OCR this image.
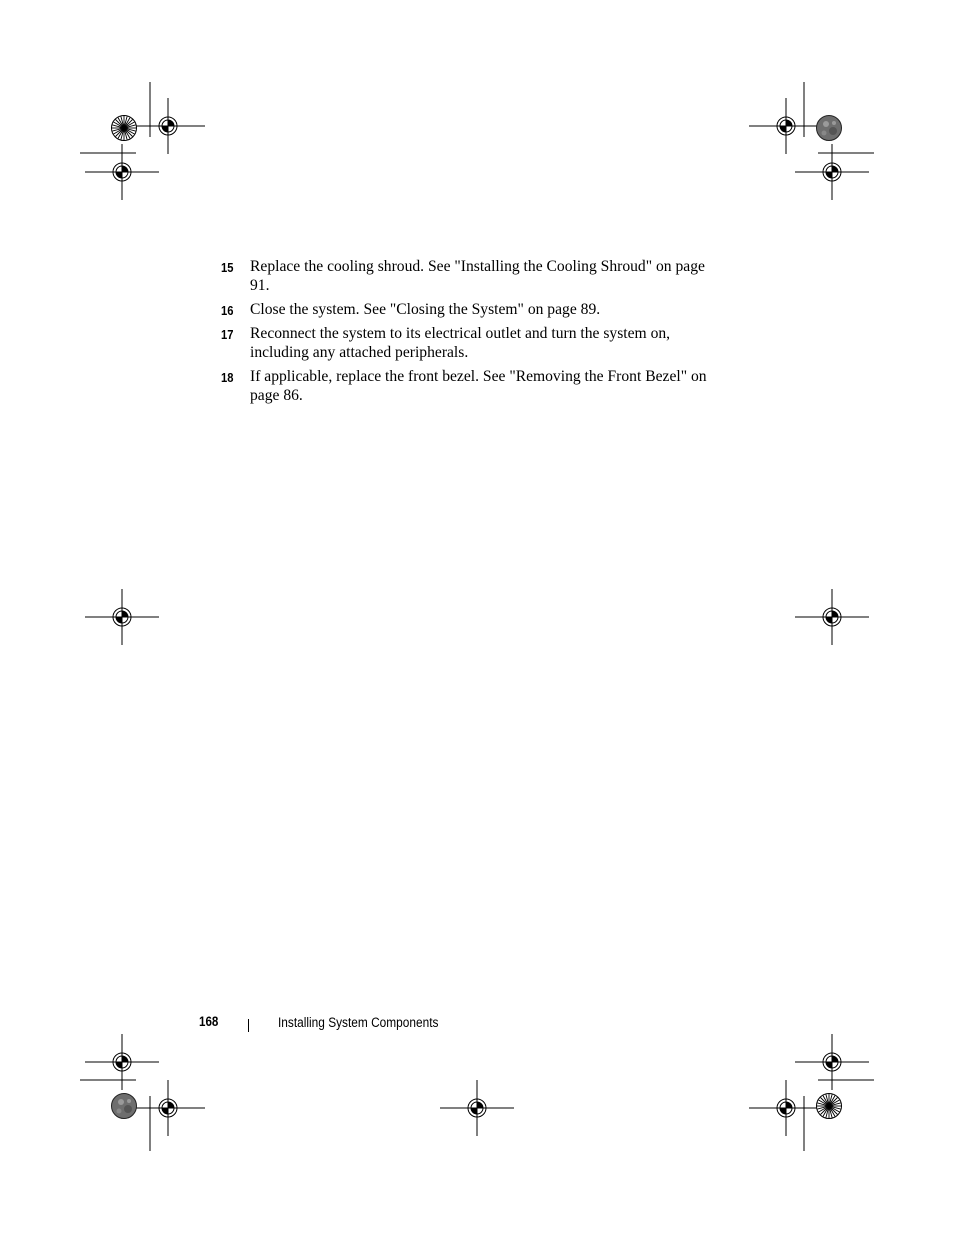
15 Replace the cooling shroud. See "Installing the Cooling Shroud" on page 91.
16 Close the system. See "Closing the System" on page 89.
17 Reconnect the system to its electrical outlet and turn the system on, including any attached peripherals.
18 If applicable, replace the front bezel. See "Removing the Front Bezel" on page 86.
168	Installing System Components
